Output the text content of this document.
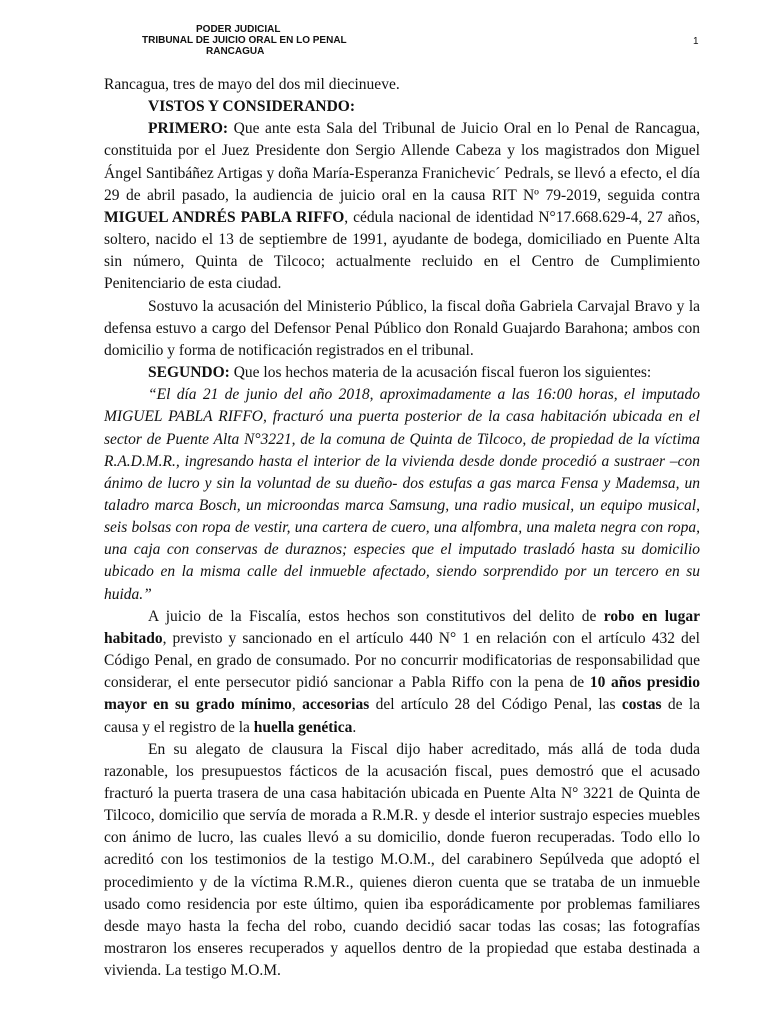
PODER JUDICIAL
TRIBUNAL DE JUICIO ORAL EN LO PENAL
RANCAGUA
1

Rancagua, tres de mayo del dos mil diecinueve.

VISTOS Y CONSIDERANDO:

PRIMERO: Que ante esta Sala del Tribunal de Juicio Oral en lo Penal de Rancagua, constituida por el Juez Presidente don Sergio Allende Cabeza y los magistrados don Miguel Ángel Santibáñez Artigas y doña María-Esperanza Franichevic´ Pedrals, se llevó a efecto, el día 29 de abril pasado, la audiencia de juicio oral en la causa RIT Nº 79-2019, seguida contra MIGUEL ANDRÉS PABLA RIFFO, cédula nacional de identidad N°17.668.629-4, 27 años, soltero, nacido el 13 de septiembre de 1991, ayudante de bodega, domiciliado en Puente Alta sin número, Quinta de Tilcoco; actualmente recluido en el Centro de Cumplimiento Penitenciario de esta ciudad.

Sostuvo la acusación del Ministerio Público, la fiscal doña Gabriela Carvajal Bravo y la defensa estuvo a cargo del Defensor Penal Público don Ronald Guajardo Barahona; ambos con domicilio y forma de notificación registrados en el tribunal.

SEGUNDO: Que los hechos materia de la acusación fiscal fueron los siguientes:

“El día 21 de junio del año 2018, aproximadamente a las 16:00 horas, el imputado MIGUEL PABLA RIFFO, fracturó una puerta posterior de la casa habitación ubicada en el sector de Puente Alta N°3221, de la comuna de Quinta de Tilcoco, de propiedad de la víctima R.A.D.M.R., ingresando hasta el interior de la vivienda desde donde procedió a sustraer –con ánimo de lucro y sin la voluntad de su dueño- dos estufas a gas marca Fensa y Mademsa, un taladro marca Bosch, un microondas marca Samsung, una radio musical, un equipo musical, seis bolsas con ropa de vestir, una cartera de cuero, una alfombra, una maleta negra con ropa, una caja con conservas de duraznos; especies que el imputado trasladó hasta su domicilio ubicado en la misma calle del inmueble afectado, siendo sorprendido por un tercero en su huida.”

A juicio de la Fiscalía, estos hechos son constitutivos del delito de robo en lugar habitado, previsto y sancionado en el artículo 440 N° 1 en relación con el artículo 432 del Código Penal, en grado de consumado. Por no concurrir modificatorias de responsabilidad que considerar, el ente persecutor pidió sancionar a Pabla Riffo con la pena de 10 años presidio mayor en su grado mínimo, accesorias del artículo 28 del Código Penal, las costas de la causa y el registro de la huella genética.

En su alegato de clausura la Fiscal dijo haber acreditado, más allá de toda duda razonable, los presupuestos fácticos de la acusación fiscal, pues demostró que el acusado fracturó la puerta trasera de una casa habitación ubicada en Puente Alta N° 3221 de Quinta de Tilcoco, domicilio que servía de morada a R.M.R. y desde el interior sustrajo especies muebles con ánimo de lucro, las cuales llevó a su domicilio, donde fueron recuperadas. Todo ello lo acreditó con los testimonios de la testigo M.O.M., del carabinero Sepúlveda que adoptó el procedimiento y de la víctima R.M.R., quienes dieron cuenta que se trataba de un inmueble usado como residencia por este último, quien iba esporádicamente por problemas familiares desde mayo hasta la fecha del robo, cuando decidió sacar todas las cosas; las fotografías mostraron los enseres recuperados y aquellos dentro de la propiedad que estaba destinada a vivienda. La testigo M.O.M.
